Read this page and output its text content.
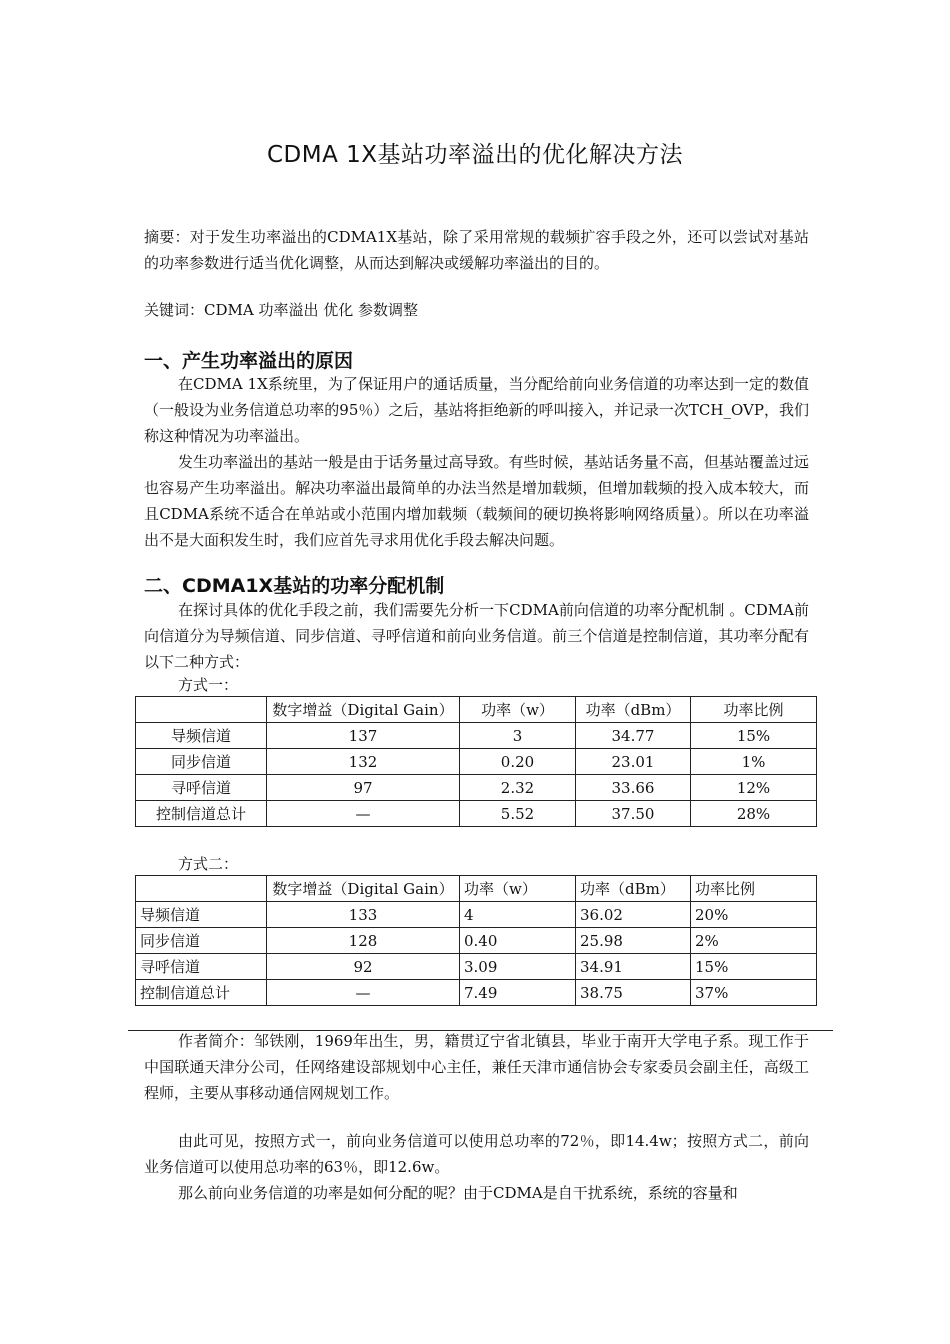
CDMA 1X基站功率溢出的优化解决方法

摘要：对于发生功率溢出的CDMA1X基站，除了采用常规的载频扩容手段之外，还可以尝试对基站的功率参数进行适当优化调整，从而达到解决或缓解功率溢出的目的。

关键词：CDMA 功率溢出 优化 参数调整

一、产生功率溢出的原因

在CDMA 1X系统里，为了保证用户的通话质量，当分配给前向业务信道的功率达到一定的数值（一般设为业务信道总功率的95％）之后，基站将拒绝新的呼叫接入，并记录一次TCH_OVP，我们称这种情况为功率溢出。

发生功率溢出的基站一般是由于话务量过高导致。有些时候，基站话务量不高，但基站覆盖过远也容易产生功率溢出。解决功率溢出最简单的办法当然是增加载频，但增加载频的投入成本较大，而且CDMA系统不适合在单站或小范围内增加载频（载频间的硬切换将影响网络质量）。所以在功率溢出不是大面积发生时，我们应首先寻求用优化手段去解决问题。

二、CDMA1X基站的功率分配机制

在探讨具体的优化手段之前，我们需要先分析一下CDMA前向信道的功率分配机制 。CDMA前向信道分为导频信道、同步信道、寻呼信道和前向业务信道。前三个信道是控制信道，其功率分配有以下二种方式：

方式一：
	数字增益（Digital Gain）	功率（w）	功率（dBm）	功率比例
导频信道	137	3	34.77	15%
同步信道	132	0.20	23.01	1%
寻呼信道	97	2.32	33.66	12%
控制信道总计	—	5.52	37.50	28%
方式二：
	数字增益（Digital Gain）	功率（w）	功率（dBm）	功率比例
导频信道	133	4	36.02	20%
同步信道	128	0.40	25.98	2%
寻呼信道	92	3.09	34.91	15%
控制信道总计	—	7.49	38.75	37%

作者简介：邹铁刚，1969年出生，男，籍贯辽宁省北镇县，毕业于南开大学电子系。现工作于中国联通天津分公司，任网络建设部规划中心主任，兼任天津市通信协会专家委员会副主任，高级工程师，主要从事移动通信网规划工作。

由此可见，按照方式一，前向业务信道可以使用总功率的72％，即14.4w；按照方式二，前向业务信道可以使用总功率的63％，即12.6w。

那么前向业务信道的功率是如何分配的呢？由于CDMA是自干扰系统，系统的容量和
